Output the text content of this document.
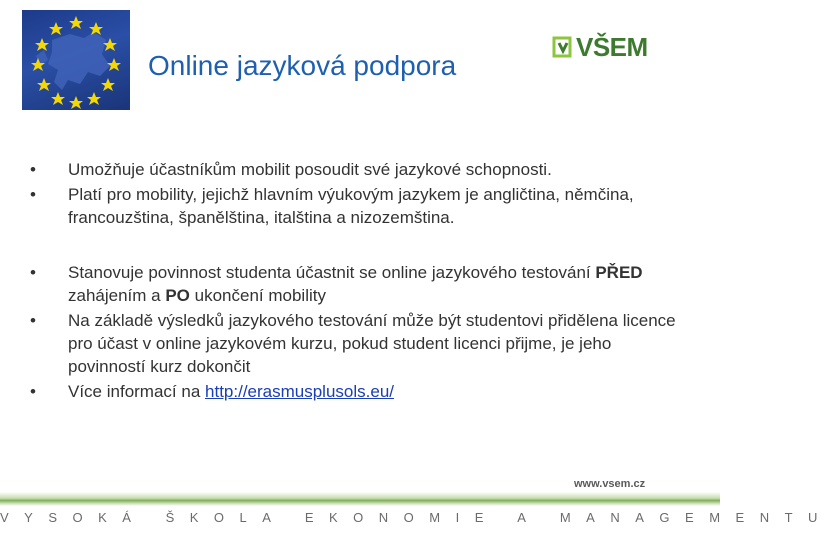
Online jazyková podpora
VŠEM
• Umožňuje účastníkům mobilit posoudit své jazykové schopnosti.
• Platí pro mobility, jejichž hlavním výukovým jazykem je angličtina, němčina, francouzština, španělština, italština a nizozemština.
• Stanovuje povinnost studenta účastnit se online jazykového testování PŘED zahájením a PO ukončení mobility
• Na základě výsledků jazykového testování může být studentovi přidělena licence pro účast v online jazykovém kurzu, pokud student licenci přijme, je jeho povinností kurz dokončit
• Více informací na http://erasmusplusols.eu/
www.vsem.cz
VYSOKÁ ŠKOLA EKONOMIE A MANAGEMENTU
